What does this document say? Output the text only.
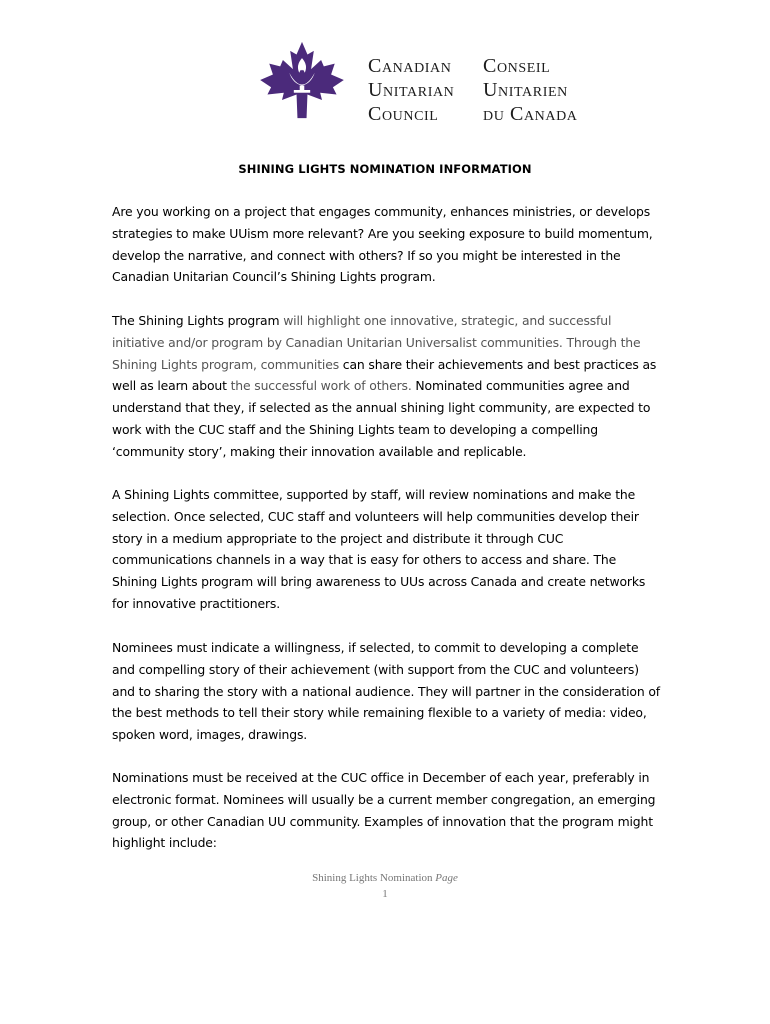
Canadian
Unitarian
Council
Conseil
Unitarien
du Canada
SHINING LIGHTS NOMINATION INFORMATION

Are you working on a project that engages community, enhances ministries, or develops strategies to make UUism more relevant? Are you seeking exposure to build momentum, develop the narrative, and connect with others? If so you might be interested in the Canadian Unitarian Council’s Shining Lights program.

The Shining Lights program will highlight one innovative, strategic, and successful initiative and/or program by Canadian Unitarian Universalist communities. Through the Shining Lights program, communities can share their achievements and best practices as well as learn about the successful work of others. Nominated communities agree and understand that they, if selected as the annual shining light community, are expected to work with the CUC staff and the Shining Lights team to developing a compelling ‘community story’, making their innovation available and replicable.

A Shining Lights committee, supported by staff, will review nominations and make the selection. Once selected, CUC staff and volunteers will help communities develop their story in a medium appropriate to the project and distribute it through CUC communications channels in a way that is easy for others to access and share. The Shining Lights program will bring awareness to UUs across Canada and create networks for innovative practitioners.

Nominees must indicate a willingness, if selected, to commit to developing a complete and compelling story of their achievement (with support from the CUC and volunteers) and to sharing the story with a national audience. They will partner in the consideration of the best methods to tell their story while remaining flexible to a variety of media: video, spoken word, images, drawings.

Nominations must be received at the CUC office in December of each year, preferably in electronic format. Nominees will usually be a current member congregation, an emerging group, or other Canadian UU community. Examples of innovation that the program might highlight include:

Shining Lights Nomination Page
1
